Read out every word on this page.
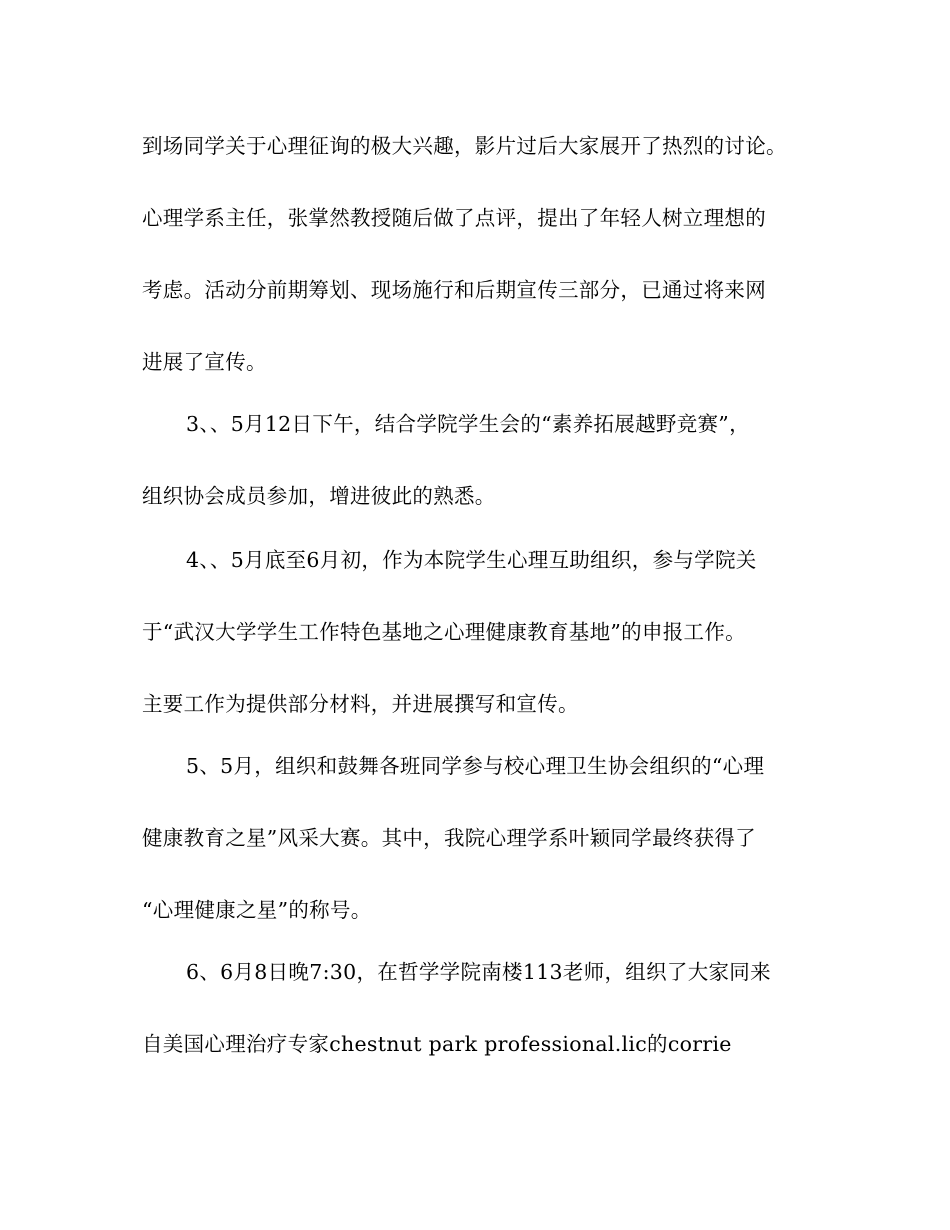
到场同学关于心理征询的极大兴趣，影片过后大家展开了热烈的讨论。
心理学系主任，张掌然教授随后做了点评，提出了年轻人树立理想的
考虑。活动分前期筹划、现场施行和后期宣传三部分，已通过将来网
进展了宣传。
3、、5月12日下午，结合学院学生会的“素养拓展越野竞赛”，
组织协会成员参加，增进彼此的熟悉。
4、、5月底至6月初，作为本院学生心理互助组织，参与学院关
于“武汉大学学生工作特色基地之心理健康教育基地”的申报工作。
主要工作为提供部分材料，并进展撰写和宣传。
5、5月，组织和鼓舞各班同学参与校心理卫生协会组织的“心理
健康教育之星”风采大赛。其中，我院心理学系叶颖同学最终获得了
“心理健康之星”的称号。
6、6月8日晚7:30，在哲学学院南楼113老师，组织了大家同来
自美国心理治疗专家chestnut park professional.lic的corrie
